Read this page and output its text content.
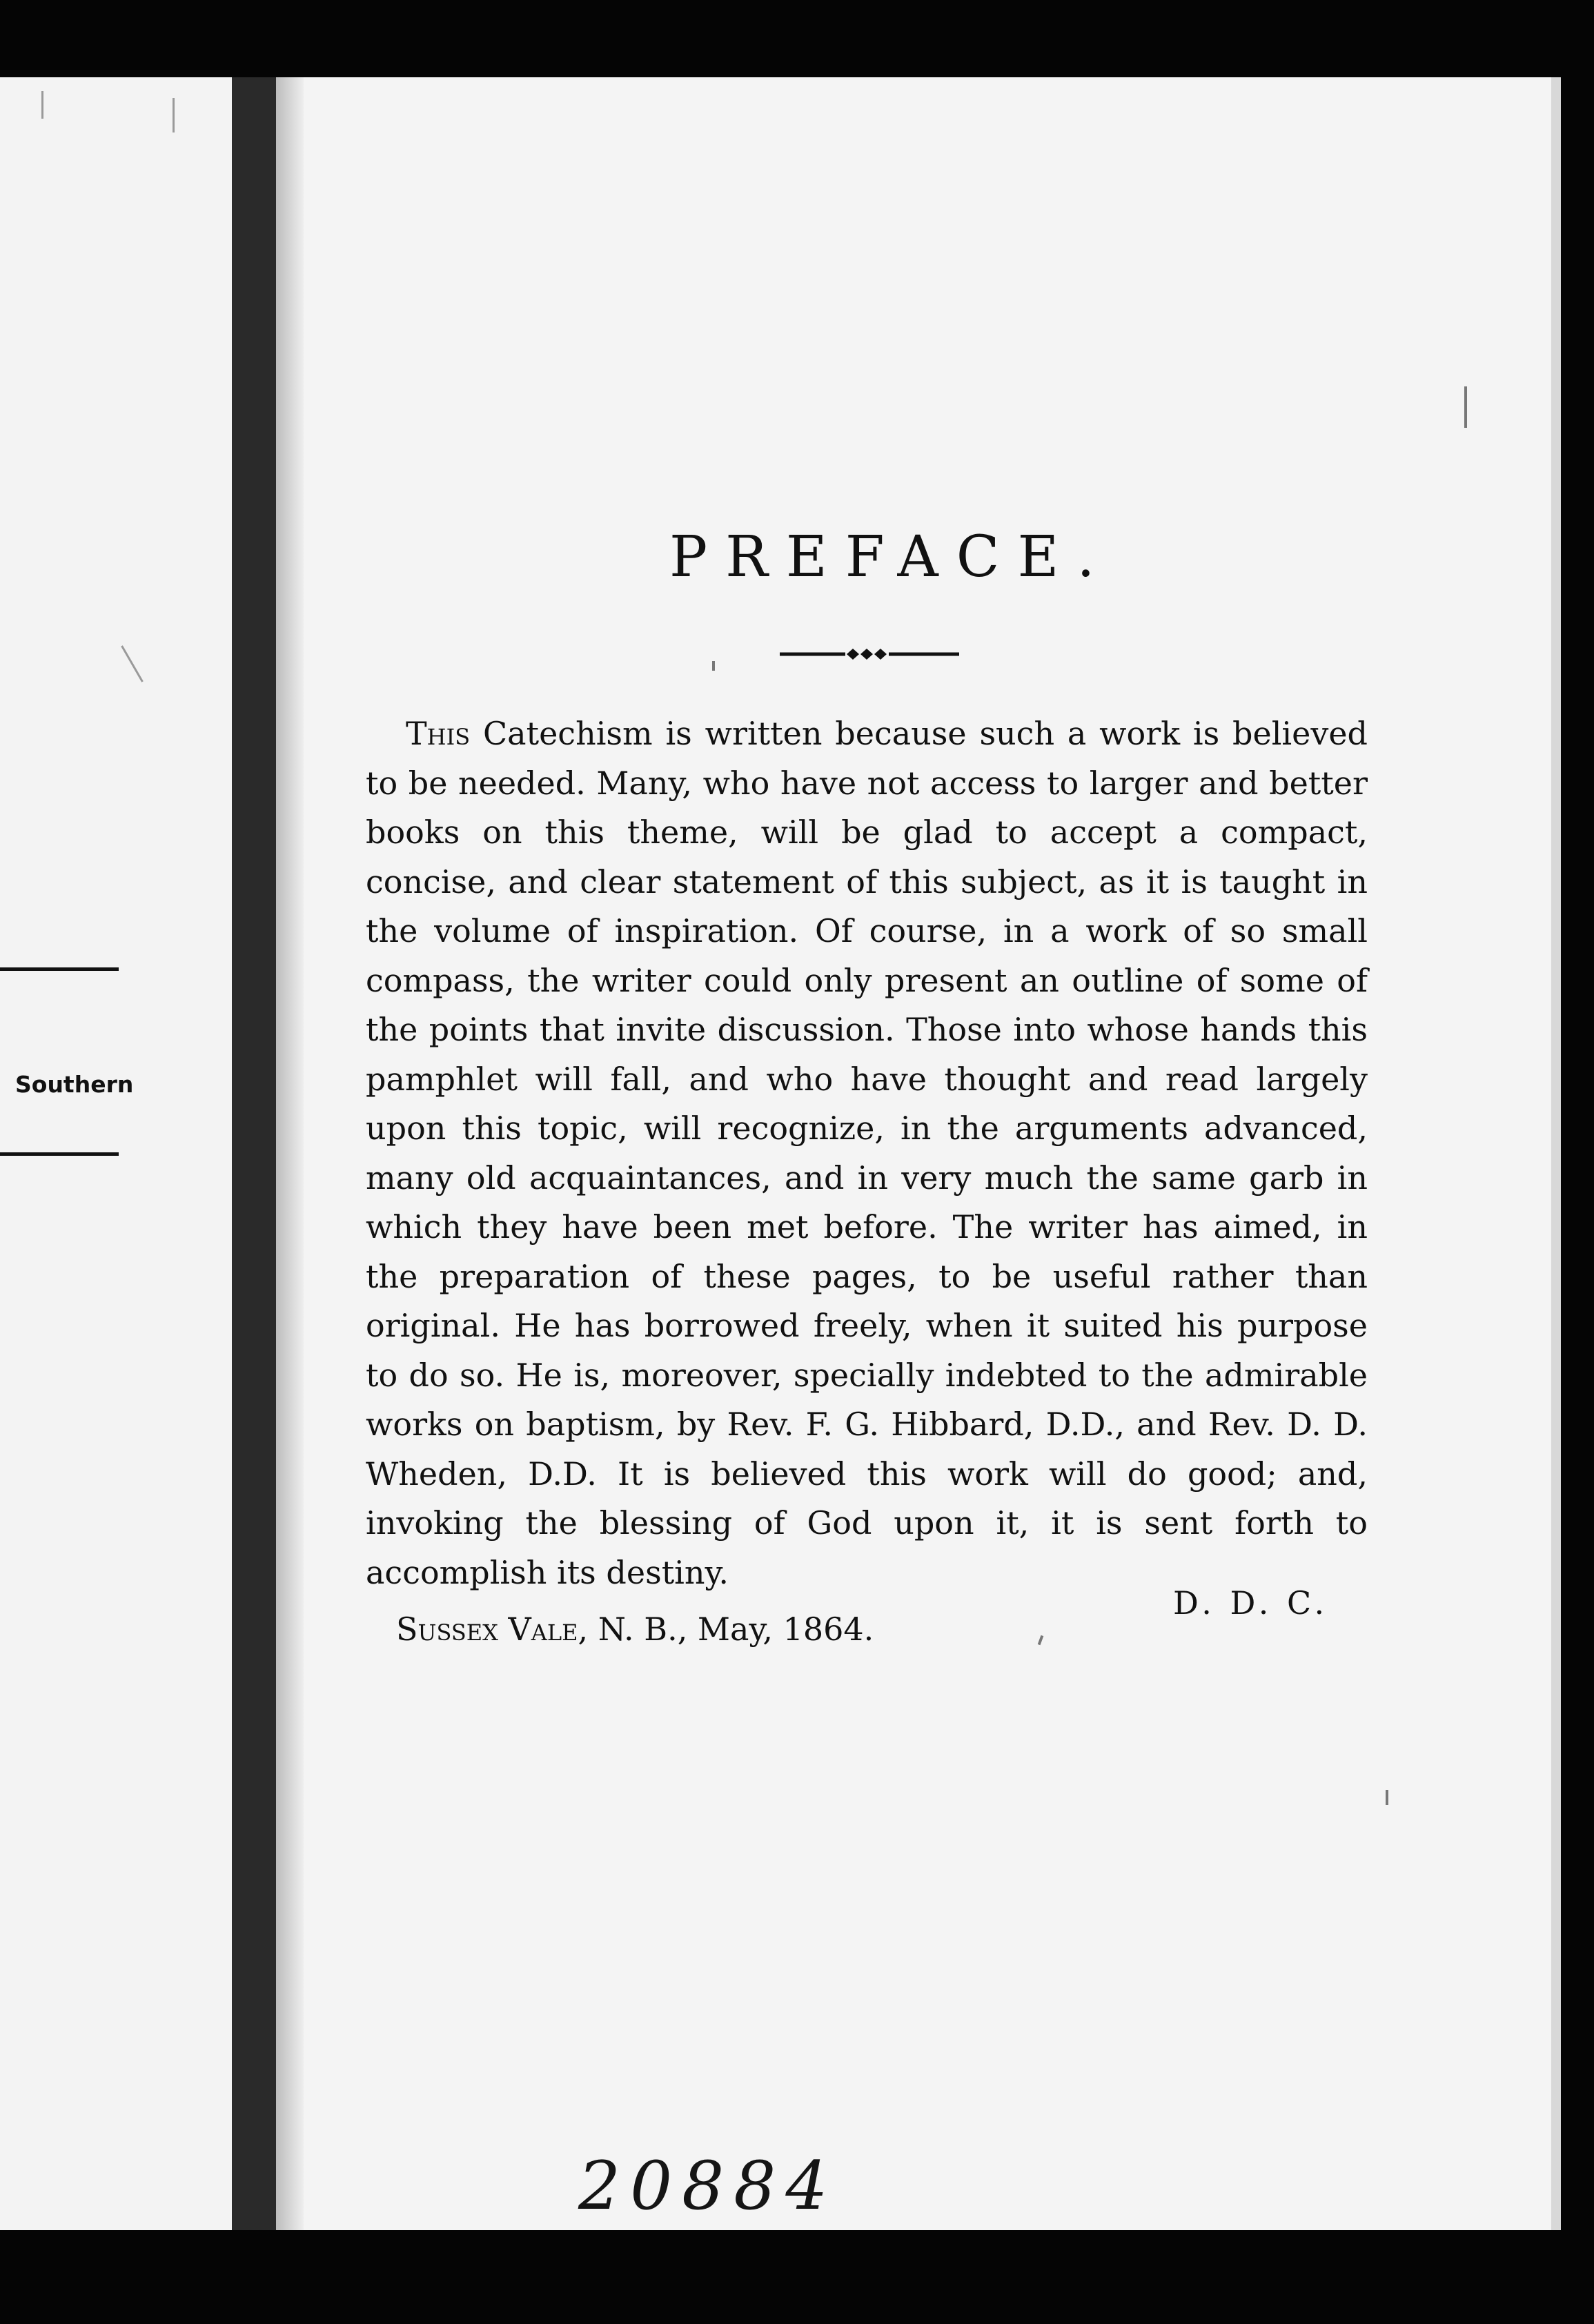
Southern
PREFACE.

This Catechism is written because such a work is believed to be needed. Many, who have not access to larger and better books on this theme, will be glad to accept a compact, concise, and clear statement of this subject, as it is taught in the volume of inspiration. Of course, in a work of so small compass, the writer could only present an outline of some of the points that invite discussion. Those into whose hands this pamphlet will fall, and who have thought and read largely upon this topic, will recognize, in the arguments advanced, many old acquaintances, and in very much the same garb in which they have been met before. The writer has aimed, in the preparation of these pages, to be useful rather than original. He has borrowed freely, when it suited his purpose to do so. He is, moreover, specially indebted to the admirable works on baptism, by Rev. F. G. Hibbard, D.D., and Rev. D. D. Wheden, D.D. It is believed this work will do good; and, invoking the blessing of God upon it, it is sent forth to accomplish its destiny.

D. D. C.
Sussex Vale, N. B., May, 1864.
20884
